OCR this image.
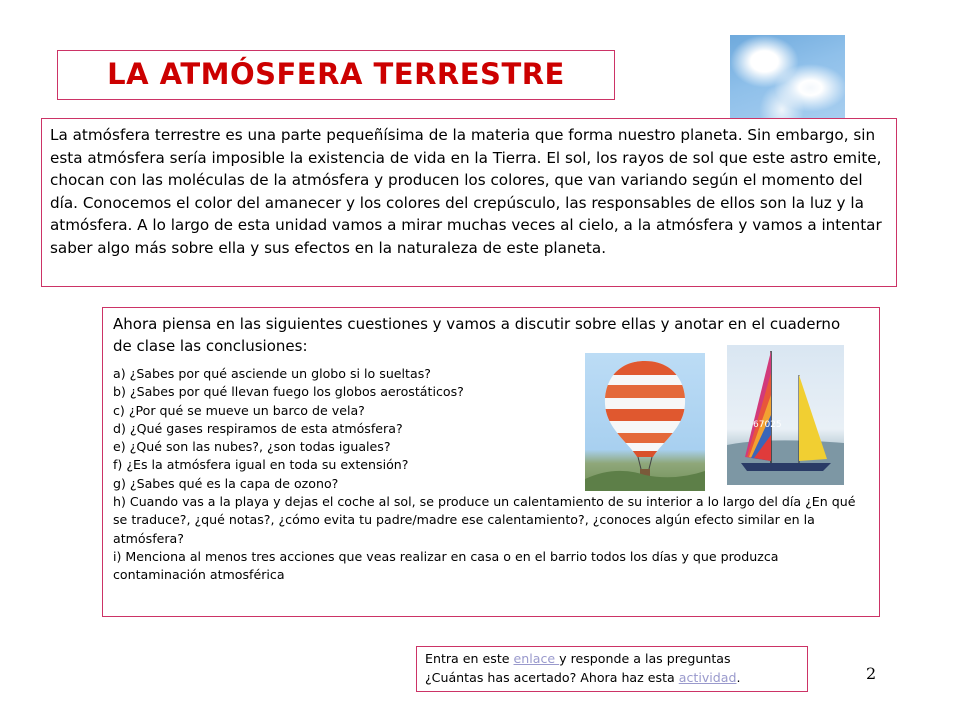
LA ATMÓSFERA TERRESTRE

La atmósfera terrestre es una parte pequeñísima de la materia que forma nuestro planeta. Sin embargo, sin esta atmósfera sería imposible la existencia de vida en la Tierra. El sol, los rayos de sol que este astro emite, chocan con las moléculas de la atmósfera y producen los colores, que van variando según el momento del día. Conocemos el color del amanecer y los colores del crepúsculo, las responsables de ellos son la luz y la atmósfera. A lo largo de esta unidad vamos a mirar muchas veces al cielo, a la atmósfera y vamos a intentar saber algo más sobre ella y sus efectos en la naturaleza de este planeta.

Ahora piensa en las siguientes cuestiones y vamos a discutir sobre ellas y anotar en el cuaderno de clase las conclusiones:

a) ¿Sabes por qué asciende un globo si lo sueltas?

b) ¿Sabes por qué llevan fuego los globos aerostáticos?

c) ¿Por qué se mueve un barco de vela?

d) ¿Qué gases respiramos de esta atmósfera?

e) ¿Qué son las nubes?, ¿son todas iguales?

f) ¿Es la atmósfera igual en toda su extensión?

g) ¿Sabes qué es la capa de ozono?

h) Cuando vas a la playa y dejas el coche al sol, se produce un calentamiento de su interior a lo largo del día ¿En qué se traduce?, ¿qué notas?, ¿cómo evita tu padre/madre ese calentamiento?, ¿conoces algún efecto similar en la atmósfera?

i) Menciona al menos tres acciones que veas realizar en casa o en el barrio todos los días y que produzca contaminación atmosférica

67025

Entra en este enlace y responde a las preguntas

¿Cuántas has acertado? Ahora haz esta actividad.	2
